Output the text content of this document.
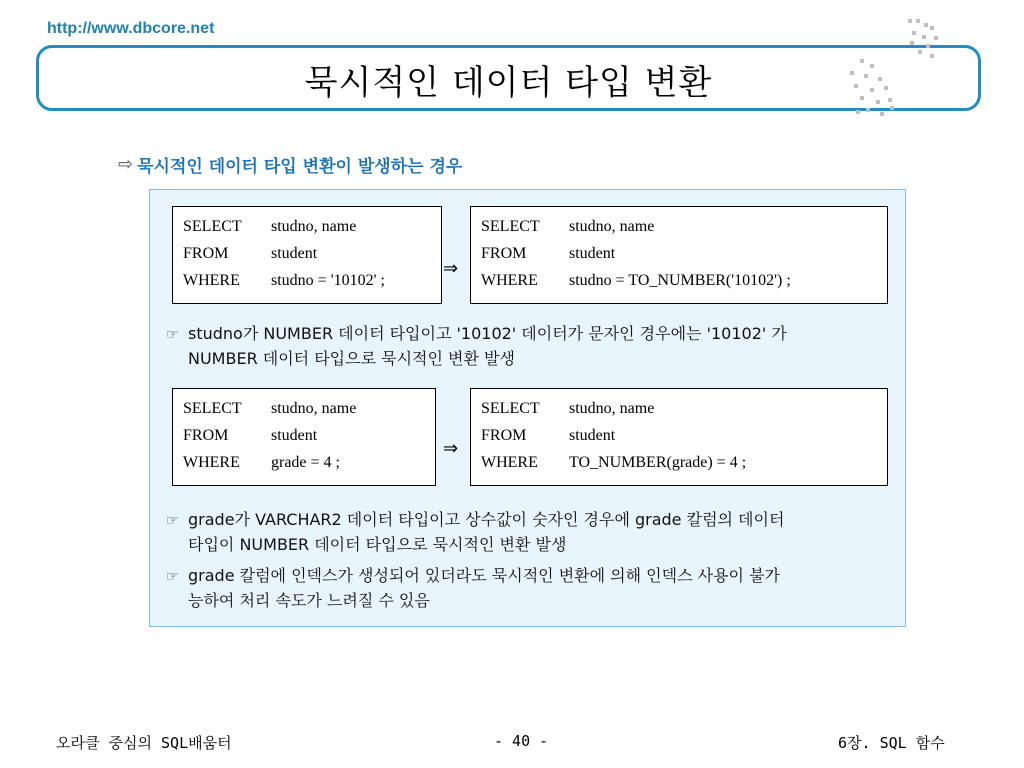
http://www.dbcore.net
묵시적인 데이터 타입 변환
⇨ 묵시적인 데이터 타입 변환이 발생하는 경우
SELECT	studno, name
FROM	student
WHERE	studno = '10102' ;
⇒
SELECT	studno, name
FROM	student
WHERE	studno = TO_NUMBER('10102') ;
☞ studno가 NUMBER 데이터 타입이고 '10102' 데이터가 문자인 경우에는 '10102' 가
NUMBER 데이터 타입으로 묵시적인 변환 발생
SELECT	studno, name
FROM	student
WHERE	grade = 4 ;
⇒
SELECT	studno, name
FROM	student
WHERE	TO_NUMBER(grade) = 4 ;
☞ grade가 VARCHAR2 데이터 타입이고 상수값이 숫자인 경우에 grade 칼럼의 데이터
타입이 NUMBER 데이터 타입으로 묵시적인 변환 발생
☞ grade 칼럼에 인덱스가 생성되어 있더라도 묵시적인 변환에 의해 인덱스 사용이 불가
능하여 처리 속도가 느려질 수 있음
오라클 중심의 SQL배움터	- 40 -	6장. SQL 함수
